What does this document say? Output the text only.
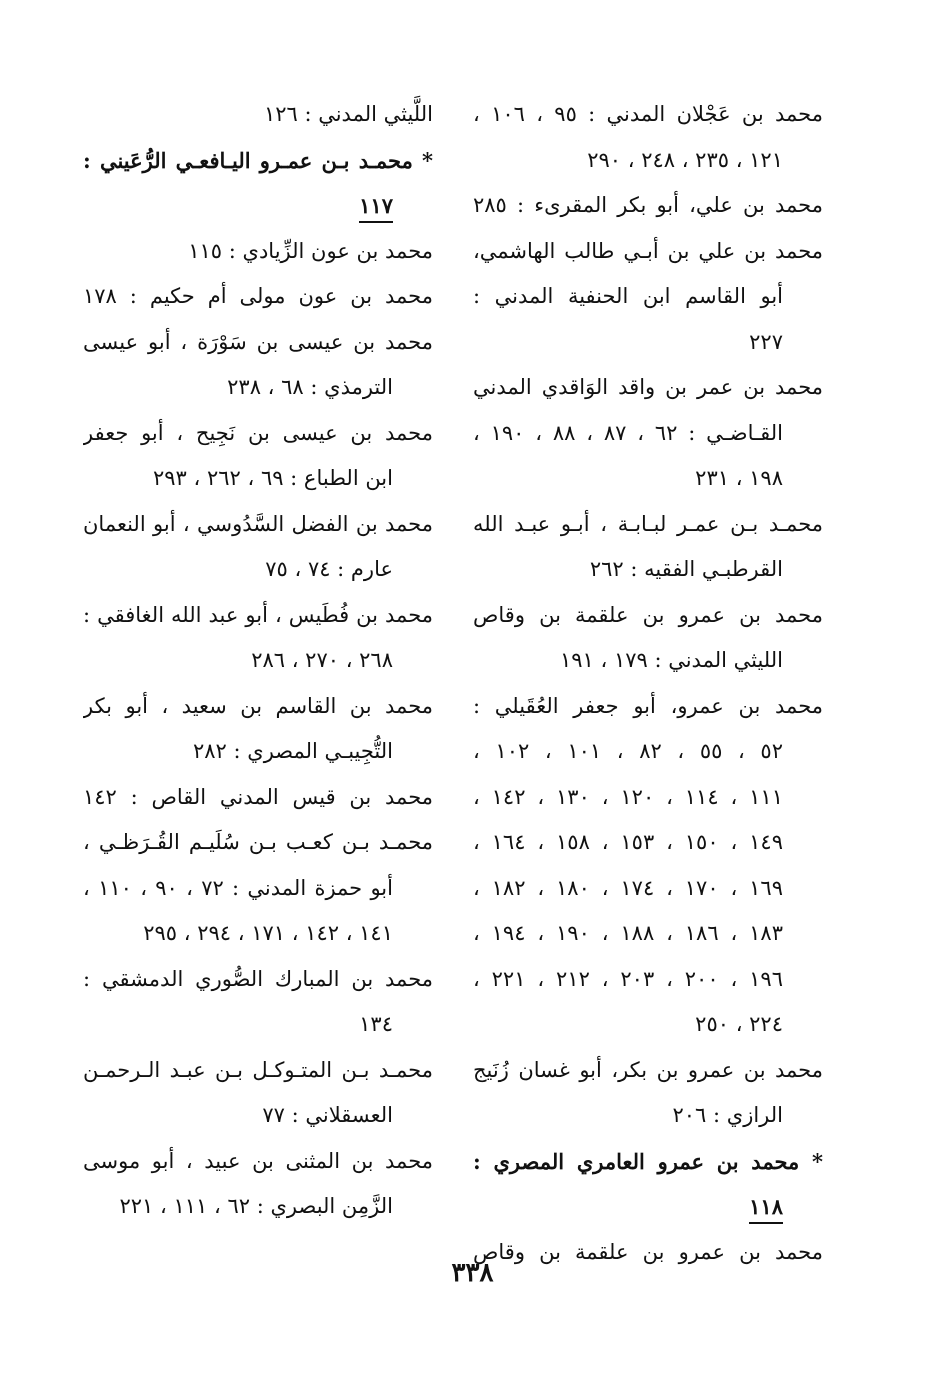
محمد بن عَجْلان المدني : ٩٥ ، ١٠٦ ،
١٢١ ، ٢٣٥ ، ٢٤٨ ، ٢٩٠
محمد بن علي، أبو بكر المقرىء : ٢٨٥
محمد بن علي بن أبـي طالب الهاشمي،
أبو القاسم ابن الحنفية المدني :
٢٢٧
محمد بن عمر بن واقد الوَاقدي المدني
القـاضـي : ٦٢ ، ٨٧ ، ٨٨ ، ١٩٠ ،
١٩٨ ، ٢٣١
محمـد بـن عمـر لبـابـة ، أبـو عبـد الله
القرطبـي الفقيه : ٢٦٢
محمد بن عمرو بن علقمة بن وقاص
الليثي المدني : ١٧٩ ، ١٩١
محمد بن عمرو، أبو جعفر العُقَيلي :
٥٢ ، ٥٥ ، ٨٢ ، ١٠١ ، ١٠٢ ،
١١١ ، ١١٤ ، ١٢٠ ، ١٣٠ ، ١٤٢ ،
١٤٩ ، ١٥٠ ، ١٥٣ ، ١٥٨ ، ١٦٤ ،
١٦٩ ، ١٧٠ ، ١٧٤ ، ١٨٠ ، ١٨٢ ،
١٨٣ ، ١٨٦ ، ١٨٨ ، ١٩٠ ، ١٩٤ ،
١٩٦ ، ٢٠٠ ، ٢٠٣ ، ٢١٢ ، ٢٢١ ،
٢٢٤ ، ٢٥٠
محمد بن عمرو بن بكر، أبو غسان زُنَيج
الرازي : ٢٠٦
* محمد بن عمرو العامري المصري :
١١٨
محمد بن عمرو بن علقمة بن وقاص
اللَّيثي المدني : ١٢٦
* محمـد بـن عمـرو اليـافعـي الرُّعَيني :
١١٧
محمد بن عون الزِّيادي : ١١٥
محمد بن عون مولى أم حكيم : ١٧٨
محمد بن عيسى بن سَوْرَة ، أبو عيسى
الترمذي : ٦٨ ، ٢٣٨
محمد بن عيسى بن نَجِيح ، أبو جعفر
ابن الطباع : ٦٩ ، ٢٦٢ ، ٢٩٣
محمد بن الفضل السَّدُوسي ، أبو النعمان
عارم : ٧٤ ، ٧٥
محمد بن فُطَيس ، أبو عبد الله الغافقي :
٢٦٨ ، ٢٧٠ ، ٢٨٦
محمد بن القاسم بن سعيد ، أبو بكر
التُّجِيبـي المصري : ٢٨٢
محمد بن قيس المدني القاص : ١٤٢
محمـد بـن كعـب بـن سُلَيـم القُـرَظـي ،
أبو حمزة المدني : ٧٢ ، ٩٠ ، ١١٠ ،
١٤١ ، ١٤٢ ، ١٧١ ، ٢٩٤ ، ٢٩٥
محمد بن المبارك الصُّوري الدمشقي :
١٣٤
محمـد بـن المتـوكـل بـن عبـد الـرحمـن
العسقلاني : ٧٧
محمد بن المثنى بن عبيد ، أبو موسى
الزَّمِن البصري : ٦٢ ، ١١١ ، ٢٢١
٣٣٨
